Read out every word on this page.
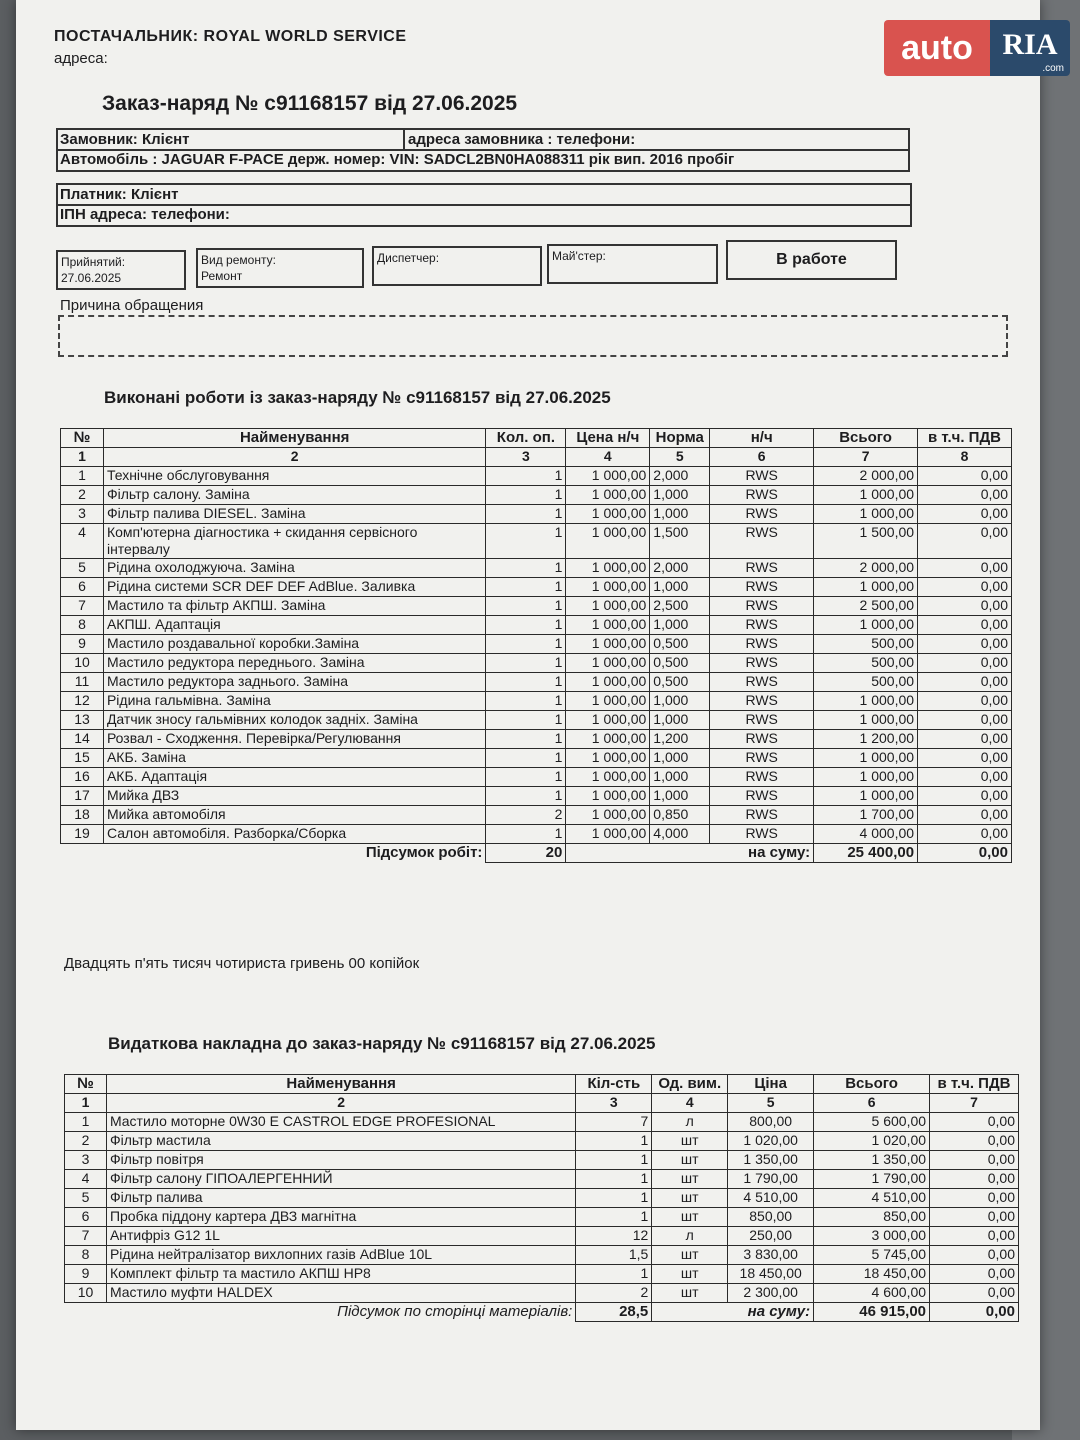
ПОСТАЧАЛЬНИК: ROYAL WORLD SERVICE
адреса:
Заказ-наряд № с91168157 від 27.06.2025
Замовник: Клієнт	адреса замовника : телефони:
Автомобіль : JAGUAR F-PACE держ. номер: VIN: SADCL2BN0HA088311 рік вип. 2016 пробіг
Платник: Клієнт
ІПН адреса: телефони:
Прийнятий:
27.06.2025
Вид ремонту:
Ремонт
Диспетчер:	Май'стер:	В работе
Причина обращения
Виконані роботи із заказ-наряду № с91168157 від 27.06.2025
№	Найменування	Кол. оп.	Цена н/ч	Норма	н/ч	Всього	в т.ч. ПДВ
1	2	3	4	5	6	7	8
1	Технічне обслуговування	1	1 000,00	2,000	RWS	2 000,00	0,00
2	Фільтр салону. Заміна	1	1 000,00	1,000	RWS	1 000,00	0,00
3	Фільтр палива DIESEL. Заміна	1	1 000,00	1,000	RWS	1 000,00	0,00
4	Комп'ютерна діагностика + скидання сервісного інтервалу	1	1 000,00	1,500	RWS	1 500,00	0,00
5	Рідина охолоджуюча. Заміна	1	1 000,00	2,000	RWS	2 000,00	0,00
6	Рідина системи SCR DEF DEF AdBlue. Заливка	1	1 000,00	1,000	RWS	1 000,00	0,00
7	Мастило та фільтр АКПШ. Заміна	1	1 000,00	2,500	RWS	2 500,00	0,00
8	АКПШ. Адаптація	1	1 000,00	1,000	RWS	1 000,00	0,00
9	Мастило роздавальної коробки.Заміна	1	1 000,00	0,500	RWS	500,00	0,00
10	Мастило редуктора переднього. Заміна	1	1 000,00	0,500	RWS	500,00	0,00
11	Мастило редуктора заднього. Заміна	1	1 000,00	0,500	RWS	500,00	0,00
12	Рідина гальмівна. Заміна	1	1 000,00	1,000	RWS	1 000,00	0,00
13	Датчик зносу гальмівних колодок задніх. Заміна	1	1 000,00	1,000	RWS	1 000,00	0,00
14	Розвал - Сходження. Перевірка/Регулювання	1	1 000,00	1,200	RWS	1 200,00	0,00
15	АКБ. Заміна	1	1 000,00	1,000	RWS	1 000,00	0,00
16	АКБ. Адаптація	1	1 000,00	1,000	RWS	1 000,00	0,00
17	Мийка ДВЗ	1	1 000,00	1,000	RWS	1 000,00	0,00
18	Мийка автомобіля	2	1 000,00	0,850	RWS	1 700,00	0,00
19	Салон автомобіля. Разборка/Сборка	1	1 000,00	4,000	RWS	4 000,00	0,00
Підсумок робіт:		20	на суму:			25 400,00	0,00
Двадцять п'ять тисяч чотириста гривень 00 копійок
Видаткова накладна до заказ-наряду № с91168157 від 27.06.2025
№	Найменування	Кіл-сть	Од. вим.	Ціна	Всього	в т.ч. ПДВ
1	2	3	4	5	6	7
1	Мастило моторне 0W30 E CASTROL EDGE PROFESIONAL	7	л	800,00	5 600,00	0,00
2	Фільтр мастила	1	шт	1 020,00	1 020,00	0,00
3	Фільтр повітря	1	шт	1 350,00	1 350,00	0,00
4	Фільтр салону ГІПОАЛЕРГЕННИЙ	1	шт	1 790,00	1 790,00	0,00
5	Фільтр палива	1	шт	4 510,00	4 510,00	0,00
6	Пробка піддону картера ДВЗ магнітна	1	шт	850,00	850,00	0,00
7	Антифріз G12 1L	12	л	250,00	3 000,00	0,00
8	Рідина нейтралізатор вихлопних газів AdBlue 10L	1,5	шт	3 830,00	5 745,00	0,00
9	Комплект фільтр та мастило АКПШ HP8	1	шт	18 450,00	18 450,00	0,00
10	Мастило муфти HALDEX	2	шт	2 300,00	4 600,00	0,00
Підсумок по сторінці матеріалів:		28,5	на суму:		46 915,00	0,00
auto RIA
.com
